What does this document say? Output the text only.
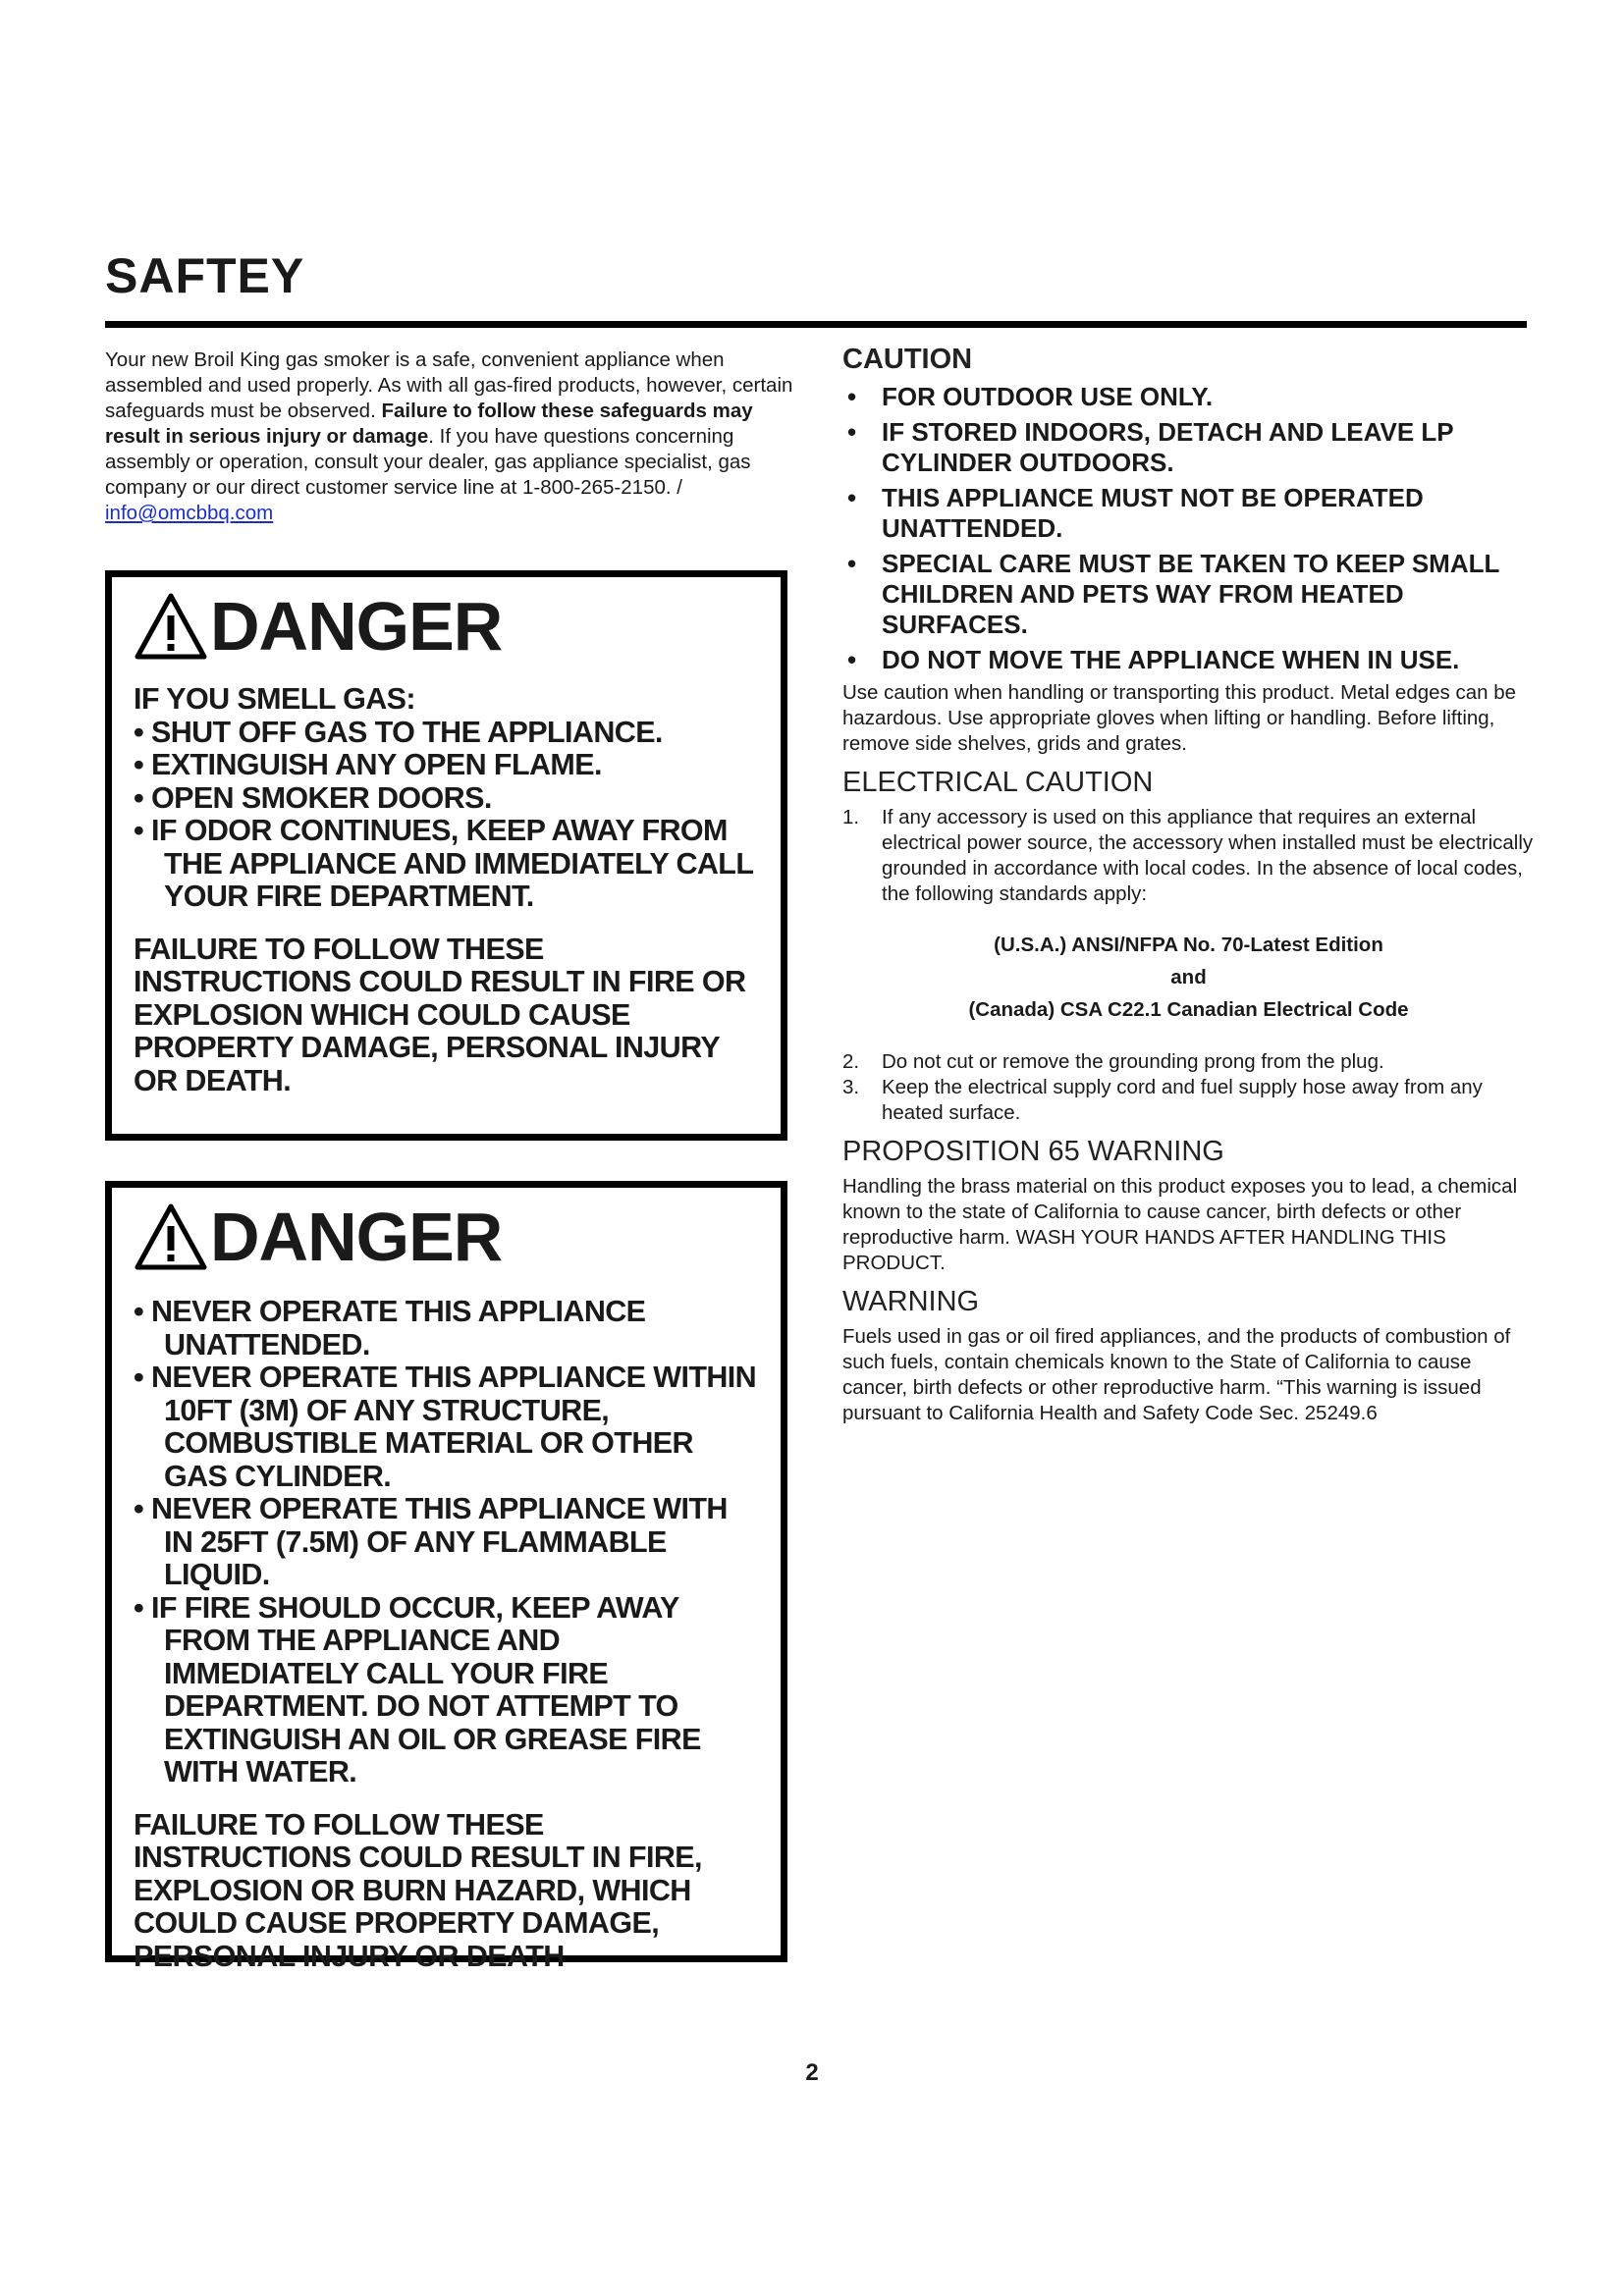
SAFTEY
Your new Broil King gas smoker is a safe, convenient appliance when assembled and used properly. As with all gas-fired products, however, certain safeguards must be observed. Failure to follow these safeguards may result in serious injury or damage. If you have questions concerning assembly or operation, consult your dealer, gas appliance specialist, gas company or our direct customer service line at 1-800-265-2150. / info@omcbbq.com
DANGER
IF YOU SMELL GAS:
• SHUT OFF GAS TO THE APPLIANCE.
• EXTINGUISH ANY OPEN FLAME.
• OPEN SMOKER DOORS.
• IF ODOR CONTINUES, KEEP AWAY FROM THE APPLIANCE AND IMMEDIATELY CALL YOUR FIRE DEPARTMENT.
FAILURE TO FOLLOW THESE INSTRUCTIONS COULD RESULT IN FIRE OR EXPLOSION WHICH COULD CAUSE PROPERTY DAMAGE, PERSONAL INJURY OR DEATH.
DANGER
• NEVER OPERATE THIS APPLIANCE UNATTENDED.
• NEVER OPERATE THIS APPLIANCE WITHIN 10FT (3M) OF ANY STRUCTURE, COMBUSTIBLE MATERIAL OR OTHER GAS CYLINDER.
• NEVER OPERATE THIS APPLIANCE WITH IN 25FT (7.5M) OF ANY FLAMMABLE LIQUID.
• IF FIRE SHOULD OCCUR, KEEP AWAY FROM THE APPLIANCE AND IMMEDIATELY CALL YOUR FIRE DEPARTMENT. DO NOT ATTEMPT TO EXTINGUISH AN OIL OR GREASE FIRE WITH WATER.
FAILURE TO FOLLOW THESE INSTRUCTIONS COULD RESULT IN FIRE, EXPLOSION OR BURN HAZARD, WHICH COULD CAUSE PROPERTY DAMAGE, PERSONAL INJURY OR DEATH
CAUTION
• FOR OUTDOOR USE ONLY.
• IF STORED INDOORS, DETACH AND LEAVE LP CYLINDER OUTDOORS.
• THIS APPLIANCE MUST NOT BE OPERATED UNATTENDED.
• SPECIAL CARE MUST BE TAKEN TO KEEP SMALL CHILDREN AND PETS WAY FROM HEATED SURFACES.
• DO NOT MOVE THE APPLIANCE WHEN IN USE.

Use caution when handling or transporting this product. Metal edges can be hazardous. Use appropriate gloves when lifting or handling. Before lifting, remove side shelves, grids and grates.

ELECTRICAL CAUTION
1. If any accessory is used on this appliance that requires an external electrical power source, the accessory when installed must be electrically grounded in accordance with local codes. In the absence of local codes, the following standards apply:
(U.S.A.) ANSI/NFPA No. 70-Latest Edition
and
(Canada) CSA C22.1 Canadian Electrical Code
2. Do not cut or remove the grounding prong from the plug.
3. Keep the electrical supply cord and fuel supply hose away from any heated surface.
PROPOSITION 65 WARNING

Handling the brass material on this product exposes you to lead, a chemical known to the state of California to cause cancer, birth defects or other reproductive harm. WASH YOUR HANDS AFTER HANDLING THIS PRODUCT.

WARNING

Fuels used in gas or oil fired appliances, and the products of combustion of such fuels, contain chemicals known to the State of California to cause cancer, birth defects or other reproductive harm. “This warning is issued pursuant to California Health and Safety Code Sec. 25249.6

2
